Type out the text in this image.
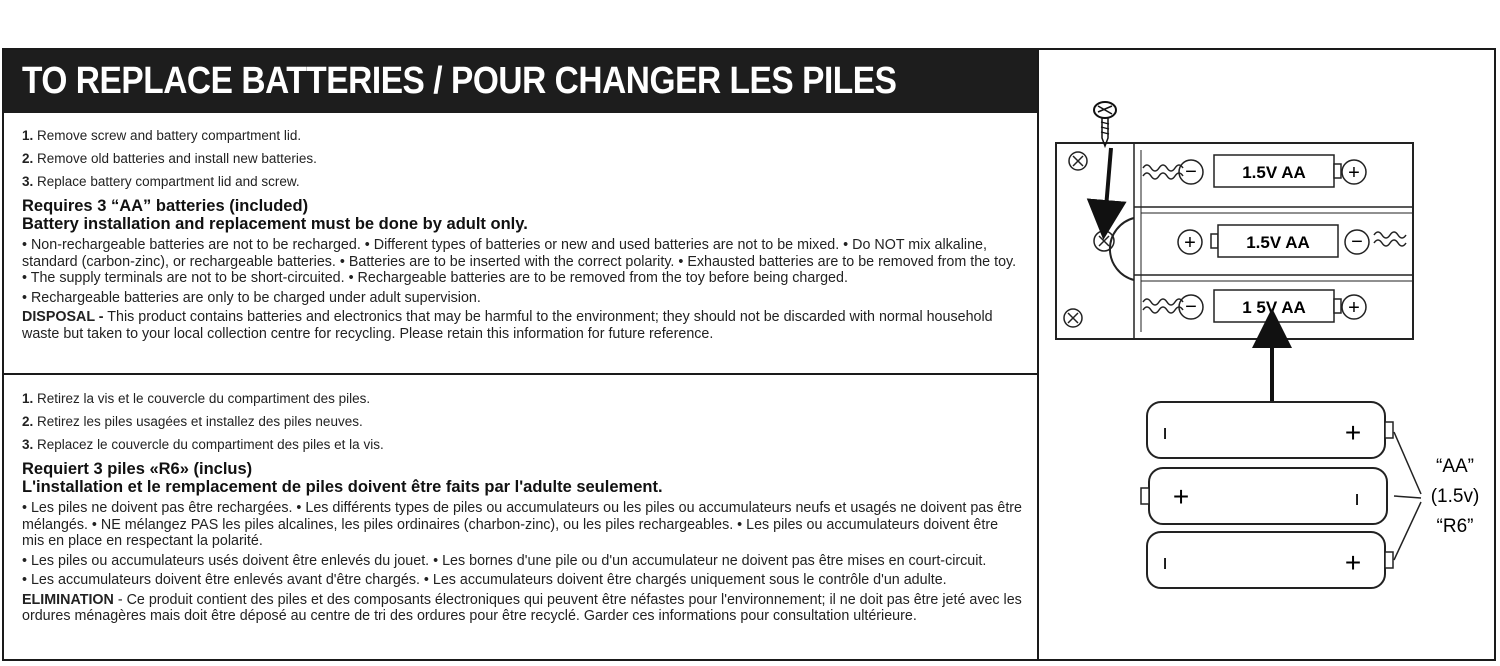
TO REPLACE BATTERIES / POUR CHANGER LES PILES
1. Remove screw and battery compartment lid.
2. Remove old batteries and install new batteries.
3. Replace battery compartment lid and screw.
Requires 3 “AA” batteries (included)
Battery installation and replacement must be done by adult only.
• Non-rechargeable batteries are not to be recharged. • Different types of batteries or new and used batteries are not to be mixed. • Do NOT mix alkaline, standard (carbon-zinc), or rechargeable batteries. • Batteries are to be inserted with the correct polarity. • Exhausted batteries are to be removed from the toy. • The supply terminals are not to be short-circuited. • Rechargeable batteries are to be removed from the toy before being charged.
• Rechargeable batteries are only to be charged under adult supervision.
DISPOSAL - This product contains batteries and electronics that may be harmful to the environment; they should not be discarded with normal household waste but taken to your local collection centre for recycling. Please retain this information for future reference.
1. Retirez la vis et le couvercle du compartiment des piles.
2. Retirez les piles usagées et installez des piles neuves.
3. Replacez le couvercle du compartiment des piles et la vis.
Requiert 3 piles «R6» (inclus)
L'installation et le remplacement de piles doivent être faits par l'adulte seulement.
• Les piles ne doivent pas être rechargées. • Les différents types de piles ou accumulateurs ou les piles ou accumulateurs neufs et usagés ne doivent pas être mélangés. • NE mélangez PAS les piles alcalines, les piles ordinaires (charbon-zinc), ou les piles rechargeables. • Les piles ou accumulateurs doivent être mis en place en respectant la polarité.
• Les piles ou accumulateurs usés doivent être enlevés du jouet. • Les bornes d'une pile ou d'un accumulateur ne doivent pas être mises en court-circuit.
• Les accumulateurs doivent être enlevés avant d'être chargés. • Les accumulateurs doivent être chargés uniquement sous le contrôle d'un adulte.
ELIMINATION - Ce produit contient des piles et des composants électroniques qui peuvent être néfastes pour l'environnement; il ne doit pas être jeté avec les ordures ménagères mais doit être déposé au centre de tri des ordures pour être recyclé. Garder ces informations pour consultation ultérieure.
−	1.5V AA +
+	1.5V AA −
−	1 5V AA +
ı	+
+	ı
ı	+
“AA”
(1.5v)
“R6”
